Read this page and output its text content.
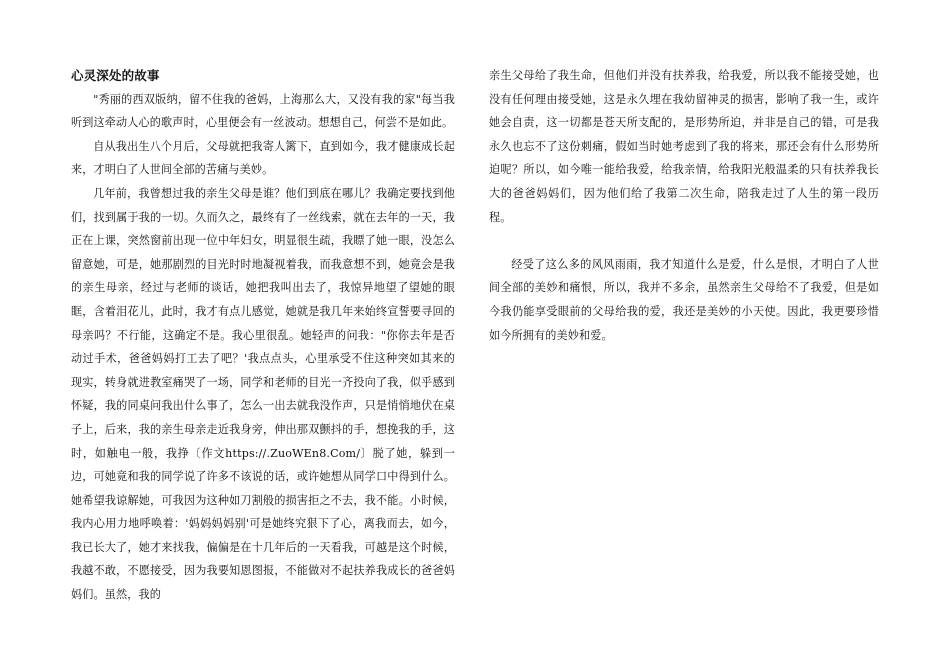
心灵深处的故事

"秀丽的西双版纳，留不住我的爸妈，上海那么大，又没有我的家"每当我听到这牵动人心的歌声时，心里便会有一丝波动。想想自己，何尝不是如此。

自从我出生八个月后，父母就把我寄人篱下，直到如今，我才健康成长起来，才明白了人世间全部的苦痛与美妙。

几年前，我曾想过我的亲生父母是谁？他们到底在哪儿？我确定要找到他们，找到属于我的一切。久而久之，最终有了一丝线索，就在去年的一天，我正在上课，突然窗前出现一位中年妇女，明显很生疏，我瞟了她一眼，没怎么留意她，可是，她那剧烈的目光时时地凝视着我，而我意想不到，她竟会是我的亲生母亲，经过与老师的谈话，她把我叫出去了，我惊异地望了望她的眼眶，含着泪花儿，此时，我才有点儿感觉，她就是我几年来始终宣誓要寻回的母亲吗？不行能，这确定不是。我心里很乱。她轻声的问我："你你去年是否动过手术，爸爸妈妈打工去了吧？'我点点头，心里承受不住这种突如其来的现实，转身就进教室痛哭了一场，同学和老师的目光一齐投向了我，似乎感到怀疑，我的同桌问我出什么事了，怎么一出去就我没作声，只是悄悄地伏在桌子上，后来，我的亲生母亲走近我身旁，伸出那双颤抖的手，想挽我的手，这时，如触电一般，我挣〔作文https://.ZuoWEn8.Com/〕脱了她，躲到一边，可她竟和我的同学说了许多不该说的话，或许她想从同学口中得到什么。她希望我谅解她，可我因为这种如刀割般的损害拒之不去，我不能。小时候，我内心用力地呼唤着：'妈妈妈妈别'可是她终究狠下了心，离我而去，如今，我已长大了，她才来找我，偏偏是在十几年后的一天看我，可越是这个时候，我越不敢，不愿接受，因为我要知恩图报，不能做对不起扶养我成长的爸爸妈妈们。虽然，我的

亲生父母给了我生命，但他们并没有扶养我，给我爱，所以我不能接受她，也没有任何理由接受她，这是永久埋在我幼留神灵的损害，影响了我一生，或许她会自责，这一切都是苍天所支配的，是形势所迫，并非是自己的错，可是我永久也忘不了这份刺痛，假如当时她考虑到了我的将来，那还会有什么形势所迫呢？所以，如今唯一能给我爱，给我亲情，给我阳光般温柔的只有扶养我长大的爸爸妈妈们，因为他们给了我第二次生命，陪我走过了人生的第一段历程。

经受了这么多的风风雨雨，我才知道什么是爱，什么是恨，才明白了人世间全部的美妙和痛恨，所以，我并不多余，虽然亲生父母给不了我爱，但是如今我仍能享受眼前的父母给我的爱，我还是美妙的小天使。因此，我更要珍惜如今所拥有的美妙和爱。
